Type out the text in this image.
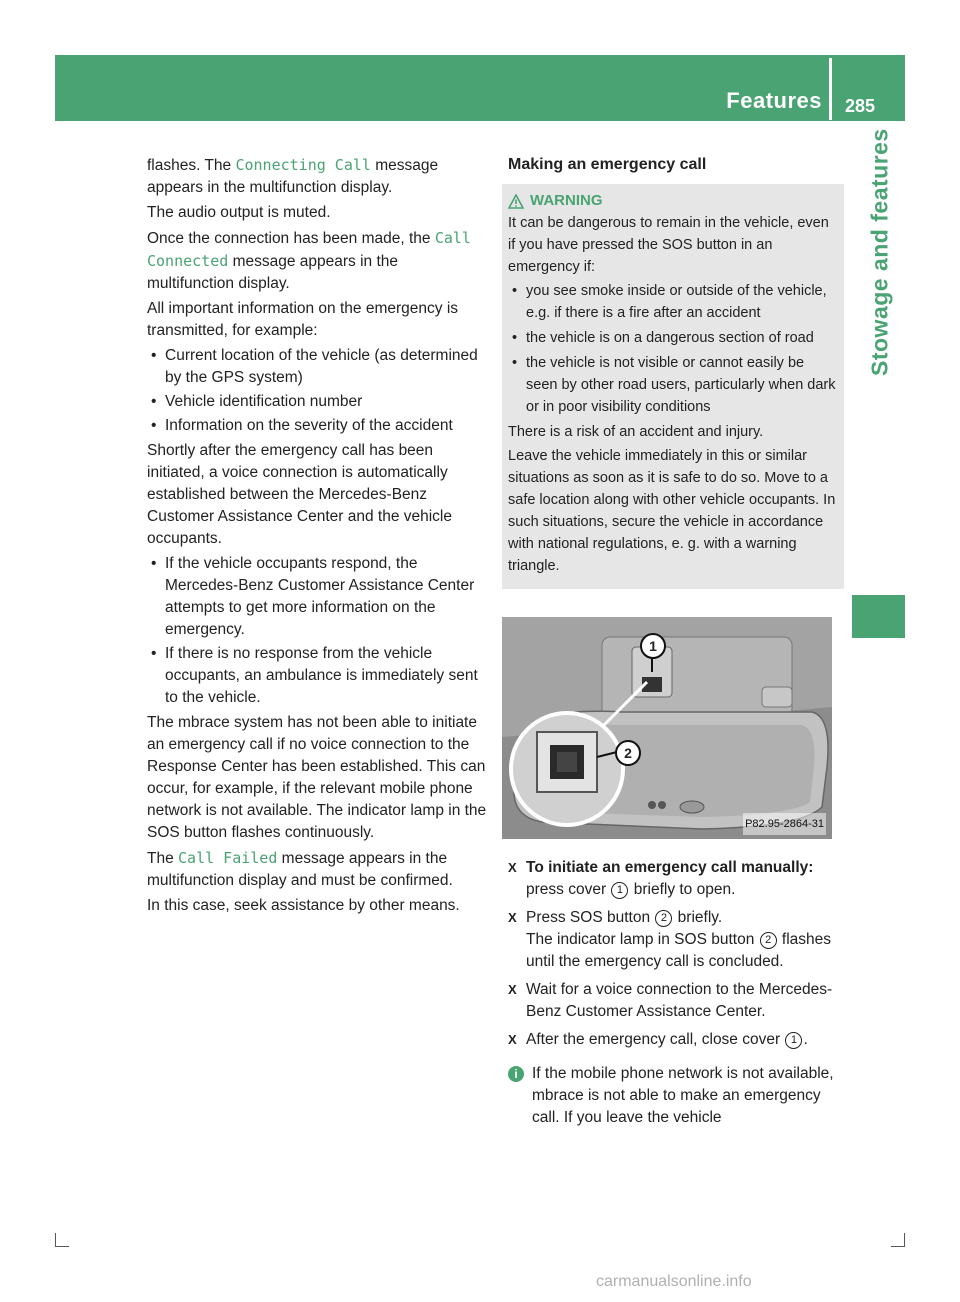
Features 285
Stowage and features

flashes. The Connecting Call message appears in the multifunction display.

The audio output is muted.

Once the connection has been made, the Call Connected message appears in the multifunction display.

All important information on the emergency is transmitted, for example:

• Current location of the vehicle (as determined by the GPS system)
• Vehicle identification number
• Information on the severity of the accident

Shortly after the emergency call has been initiated, a voice connection is automatically established between the Mercedes-Benz Customer Assistance Center and the vehicle occupants.

• If the vehicle occupants respond, the Mercedes-Benz Customer Assistance Center attempts to get more information on the emergency.
• If there is no response from the vehicle occupants, an ambulance is immediately sent to the vehicle.

The mbrace system has not been able to initiate an emergency call if no voice connection to the Response Center has been established. This can occur, for example, if the relevant mobile phone network is not available. The indicator lamp in the SOS button flashes continuously.

The Call Failed message appears in the multifunction display and must be confirmed.

In this case, seek assistance by other means.

Making an emergency call
WARNING

It can be dangerous to remain in the vehicle, even if you have pressed the SOS button in an emergency if:

• you see smoke inside or outside of the vehicle, e.g. if there is a fire after an accident
• the vehicle is on a dangerous section of road
• the vehicle is not visible or cannot easily be seen by other road users, particularly when dark or in poor visibility conditions

There is a risk of an accident and injury.

Leave the vehicle immediately in this or similar situations as soon as it is safe to do so. Move to a safe location along with other vehicle occupants. In such situations, secure the vehicle in accordance with national regulations, e. g. with a warning triangle.

1
2
P82.95-2864-31
X To initiate an emergency call manually: press cover 1 briefly to open.
X Press SOS button 2 briefly.
The indicator lamp in SOS button 2 flashes until the emergency call is concluded.
X Wait for a voice connection to the Mercedes-Benz Customer Assistance Center.
X After the emergency call, close cover 1 .
i If the mobile phone network is not available, mbrace is not able to make an emergency call. If you leave the vehicle
carmanualsonline.info
